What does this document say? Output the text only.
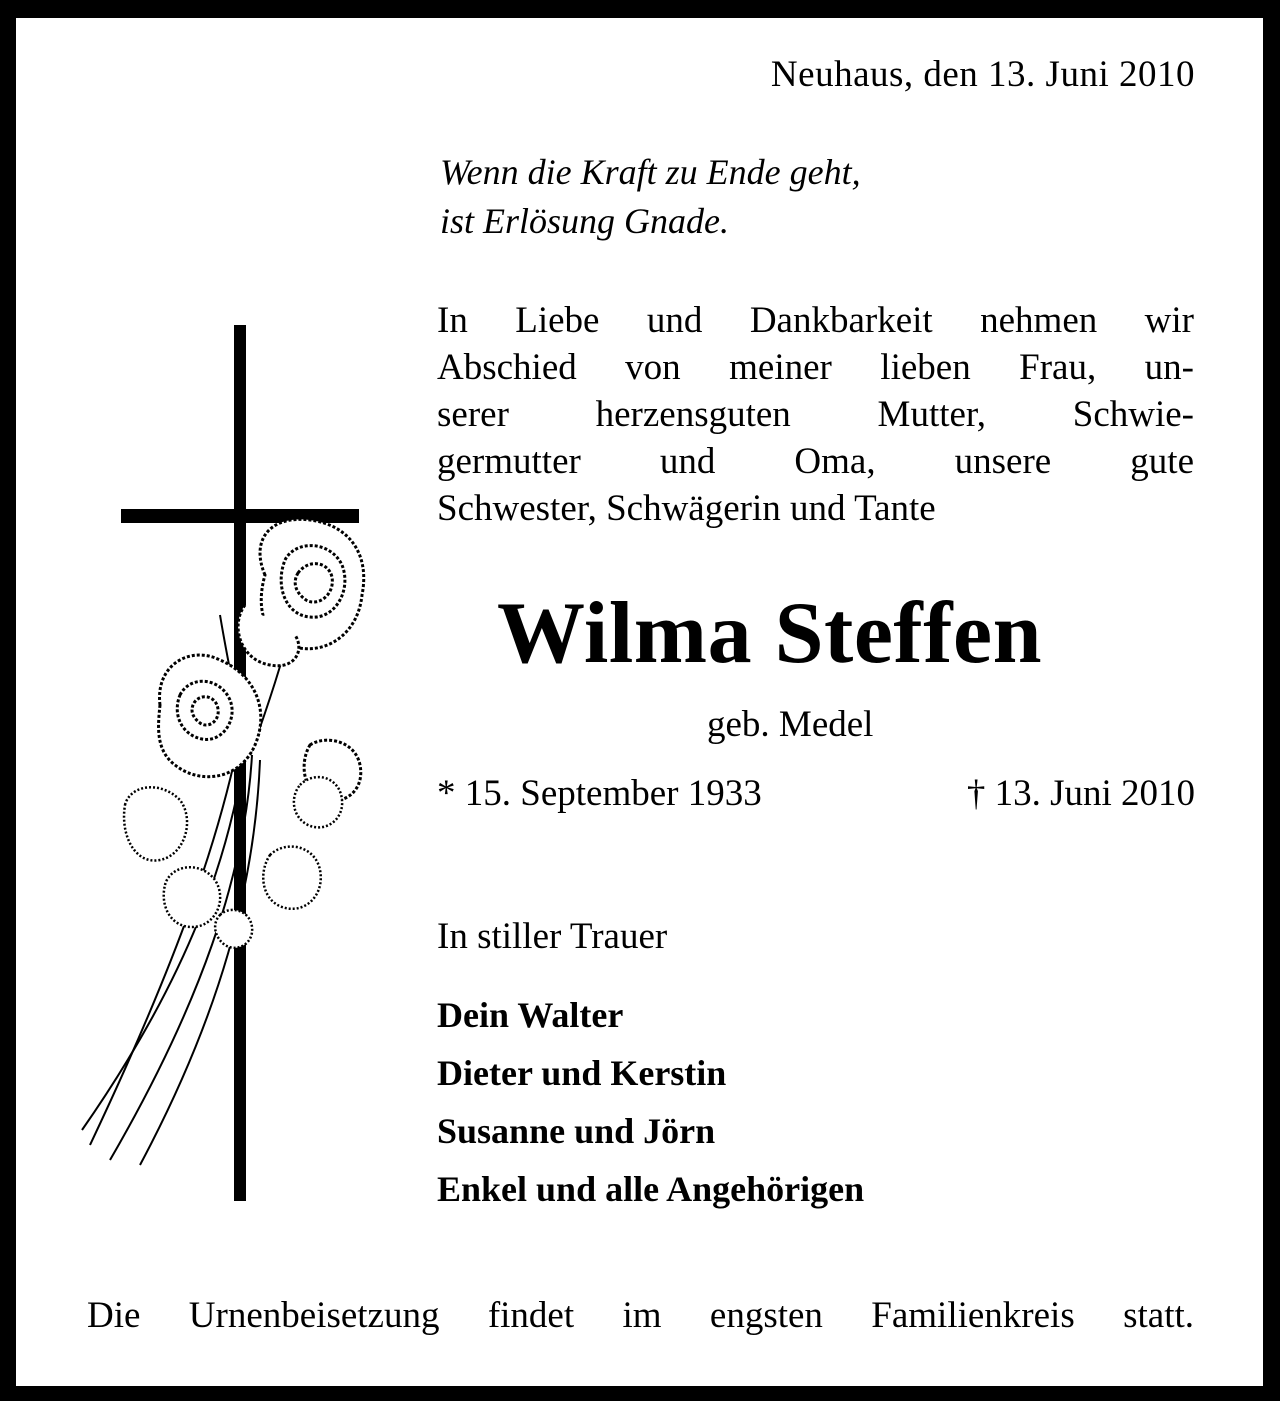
Neuhaus, den 13. Juni 2010

Wenn die Kraft zu Ende geht,

ist Erlösung Gnade.

In Liebe und Dankbarkeit nehmen wir

Abschied von meiner lieben Frau, un-

serer herzensguten Mutter, Schwie-

germutter und Oma, unsere gute

Schwester, Schwägerin und Tante

Wilma Steffen

geb. Medel

* 15. September 1933	† 13. Juni 2010

In stiller Trauer

Dein Walter

Dieter und Kerstin

Susanne und Jörn

Enkel und alle Angehörigen

Die Urnenbeisetzung findet im engsten Familienkreis statt.
